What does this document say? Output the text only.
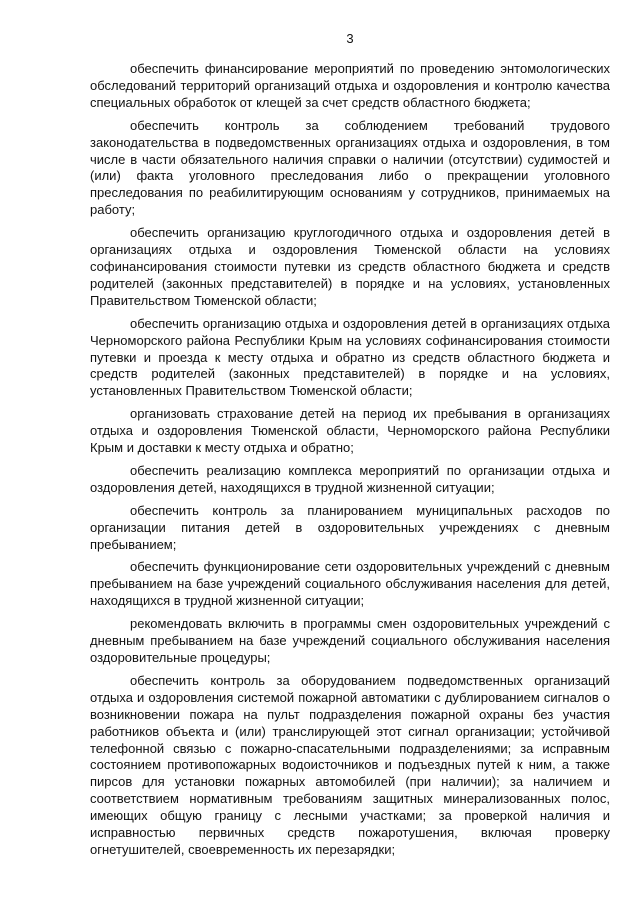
3

обеспечить финансирование мероприятий по проведению энтомологических обследований территорий организаций отдыха и оздоровления и контролю качества специальных обработок от клещей за счет средств областного бюджета;

обеспечить контроль за соблюдением требований трудового законодательства в подведомственных организациях отдыха и оздоровления, в том числе в части обязательного наличия справки о наличии (отсутствии) судимостей и (или) факта уголовного преследования либо о прекращении уголовного преследования по реабилитирующим основаниям у сотрудников, принимаемых на работу;

обеспечить организацию круглогодичного отдыха и оздоровления детей в организациях отдыха и оздоровления Тюменской области на условиях софинансирования стоимости путевки из средств областного бюджета и средств родителей (законных представителей) в порядке и на условиях, установленных Правительством Тюменской области;

обеспечить организацию отдыха и оздоровления детей в организациях отдыха Черноморского района Республики Крым на условиях софинансирования стоимости путевки и проезда к месту отдыха и обратно из средств областного бюджета и средств родителей (законных представителей) в порядке и на условиях, установленных Правительством Тюменской области;

организовать страхование детей на период их пребывания в организациях отдыха и оздоровления Тюменской области, Черноморского района Республики Крым и доставки к месту отдыха и обратно;

обеспечить реализацию комплекса мероприятий по организации отдыха и оздоровления детей, находящихся в трудной жизненной ситуации;

обеспечить контроль за планированием муниципальных расходов по организации питания детей в оздоровительных учреждениях с дневным пребыванием;

обеспечить функционирование сети оздоровительных учреждений с дневным пребыванием на базе учреждений социального обслуживания населения для детей, находящихся в трудной жизненной ситуации;

рекомендовать включить в программы смен оздоровительных учреждений с дневным пребыванием на базе учреждений социального обслуживания населения оздоровительные процедуры;

обеспечить контроль за оборудованием подведомственных организаций отдыха и оздоровления системой пожарной автоматики с дублированием сигналов о возникновении пожара на пульт подразделения пожарной охраны без участия работников объекта и (или) транслирующей этот сигнал организации; устойчивой телефонной связью с пожарно-спасательными подразделениями; за исправным состоянием противопожарных водоисточников и подъездных путей к ним, а также пирсов для установки пожарных автомобилей (при наличии); за наличием и соответствием нормативным требованиям защитных минерализованных полос, имеющих общую границу с лесными участками; за проверкой наличия и исправностью первичных средств пожаротушения, включая проверку огнетушителей, своевременность их перезарядки;
